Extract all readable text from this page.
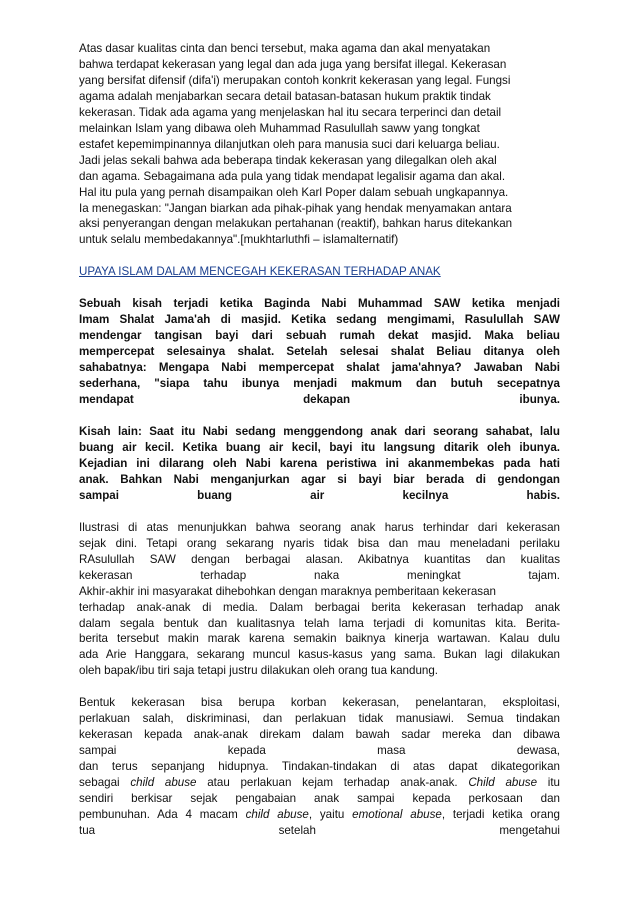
Atas dasar kualitas cinta dan benci tersebut, maka agama dan akal menyatakan
bahwa terdapat kekerasan yang legal dan ada juga yang bersifat illegal. Kekerasan
yang bersifat difensif (difa'i) merupakan contoh konkrit kekerasan yang legal. Fungsi
agama adalah menjabarkan secara detail batasan-batasan hukum praktik tindak
kekerasan. Tidak ada agama yang menjelaskan hal itu secara terperinci dan detail
melainkan Islam yang dibawa oleh Muhammad Rasulullah saww yang tongkat
estafet kepemimpinannya dilanjutkan oleh para manusia suci dari keluarga beliau.
Jadi jelas sekali bahwa ada beberapa tindak kekerasan yang dilegalkan oleh akal
dan agama. Sebagaimana ada pula yang tidak mendapat legalisir agama dan akal.
Hal itu pula yang pernah disampaikan oleh Karl Poper dalam sebuah ungkapannya.
Ia menegaskan: "Jangan biarkan ada pihak-pihak yang hendak menyamakan antara
aksi penyerangan dengan melakukan pertahanan (reaktif), bahkan harus ditekankan
untuk selalu membedakannya".[mukhtarluthfi – islamalternatif)
UPAYA ISLAM DALAM MENCEGAH KEKERASAN TERHADAP ANAK
Sebuah kisah terjadi ketika Baginda Nabi Muhammad SAW ketika menjadi
Imam Shalat Jama'ah di masjid. Ketika sedang mengimami, Rasulullah SAW
mendengar tangisan bayi dari sebuah rumah dekat masjid. Maka beliau
mempercepat selesainya shalat. Setelah selesai shalat Beliau ditanya oleh
sahabatnya: Mengapa Nabi mempercepat shalat jama'ahnya? Jawaban Nabi
sederhana, "siapa tahu ibunya menjadi makmum dan butuh secepatnya
mendapat dekapan ibunya.
Kisah lain: Saat itu Nabi sedang menggendong anak dari seorang sahabat, lalu
buang air kecil. Ketika buang air kecil, bayi itu langsung ditarik oleh ibunya.
Kejadian ini dilarang oleh Nabi karena peristiwa ini akanmembekas pada hati
anak. Bahkan Nabi menganjurkan agar si bayi biar berada di gendongan
sampai buang air kecilnya habis.
Ilustrasi di atas menunjukkan bahwa seorang anak harus terhindar dari kekerasan
sejak dini. Tetapi orang sekarang nyaris tidak bisa dan mau meneladani perilaku
RAsulullah SAW dengan berbagai alasan. Akibatnya kuantitas dan kualitas
kekerasan terhadap naka meningkat tajam.
Akhir-akhir ini masyarakat dihebohkan dengan maraknya pemberitaan kekerasan
terhadap anak-anak di media. Dalam berbagai berita kekerasan terhadap anak
dalam segala bentuk dan kualitasnya telah lama terjadi di komunitas kita. Berita-
berita tersebut makin marak karena semakin baiknya kinerja wartawan. Kalau dulu
ada Arie Hanggara, sekarang muncul kasus-kasus yang sama. Bukan lagi dilakukan
oleh bapak/ibu tiri saja tetapi justru dilakukan oleh orang tua kandung.
Bentuk kekerasan bisa berupa korban kekerasan, penelantaran, eksploitasi,
perlakuan salah, diskriminasi, dan perlakuan tidak manusiawi. Semua tindakan
kekerasan kepada anak-anak direkam dalam bawah sadar mereka dan dibawa
sampai kepada masa dewasa,
dan terus sepanjang hidupnya. Tindakan-tindakan di atas dapat dikategorikan
sebagai child abuse atau perlakuan kejam terhadap anak-anak. Child abuse itu
sendiri berkisar sejak pengabaian anak sampai kepada perkosaan dan
pembunuhan. Ada 4 macam child abuse, yaitu emotional abuse, terjadi ketika orang
tua setelah mengetahui
